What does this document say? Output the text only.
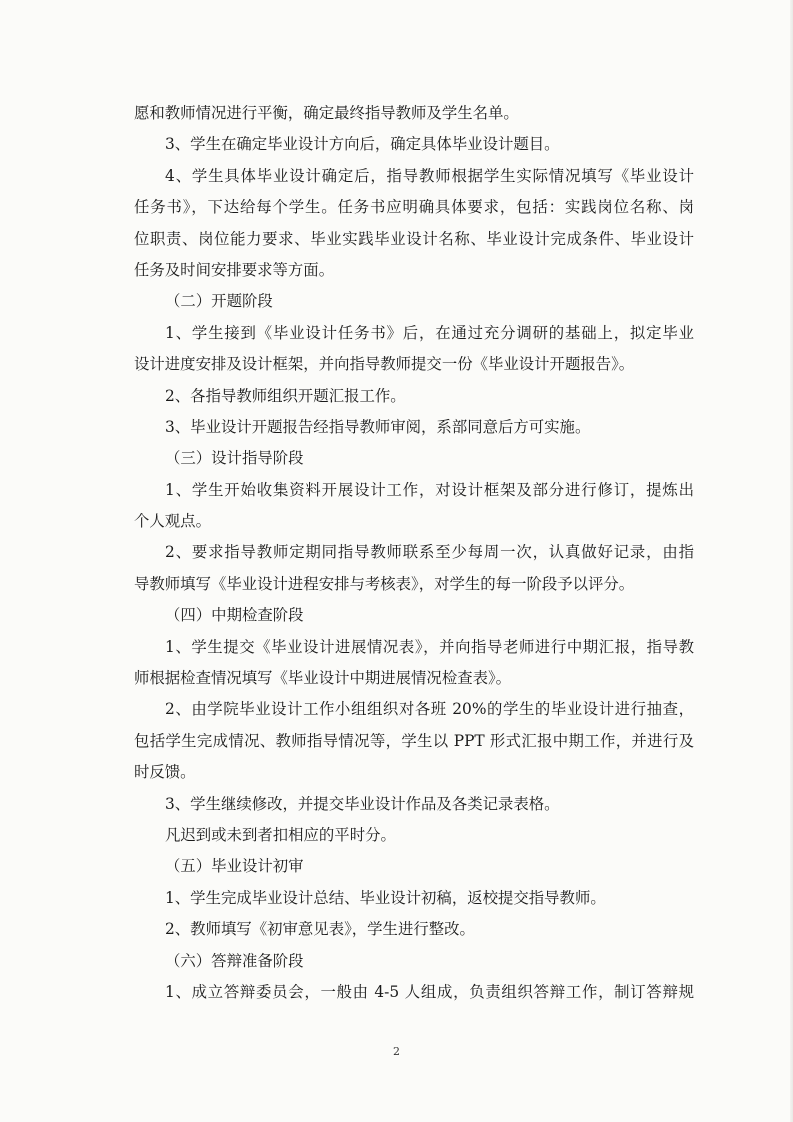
愿和教师情况进行平衡，确定最终指导教师及学生名单。
3、学生在确定毕业设计方向后，确定具体毕业设计题目。
4、学生具体毕业设计确定后，指导教师根据学生实际情况填写《毕业设计
任务书》，下达给每个学生。任务书应明确具体要求，包括：实践岗位名称、岗
位职责、岗位能力要求、毕业实践毕业设计名称、毕业设计完成条件、毕业设计
任务及时间安排要求等方面。
（二）开题阶段
1、学生接到《毕业设计任务书》后，在通过充分调研的基础上，拟定毕业
设计进度安排及设计框架，并向指导教师提交一份《毕业设计开题报告》。
2、各指导教师组织开题汇报工作。
3、毕业设计开题报告经指导教师审阅，系部同意后方可实施。
（三）设计指导阶段
1、学生开始收集资料开展设计工作，对设计框架及部分进行修订，提炼出
个人观点。
2、要求指导教师定期同指导教师联系至少每周一次，认真做好记录，由指
导教师填写《毕业设计进程安排与考核表》，对学生的每一阶段予以评分。
（四）中期检查阶段
1、学生提交《毕业设计进展情况表》，并向指导老师进行中期汇报，指导教
师根据检查情况填写《毕业设计中期进展情况检查表》。
2、由学院毕业设计工作小组组织对各班 20%的学生的毕业设计进行抽查，
包括学生完成情况、教师指导情况等，学生以 PPT 形式汇报中期工作，并进行及
时反馈。
3、学生继续修改，并提交毕业设计作品及各类记录表格。
凡迟到或未到者扣相应的平时分。
（五）毕业设计初审
1、学生完成毕业设计总结、毕业设计初稿，返校提交指导教师。
2、教师填写《初审意见表》，学生进行整改。
（六）答辩准备阶段
1、成立答辩委员会，一般由 4-5 人组成，负责组织答辩工作，制订答辩规
2
